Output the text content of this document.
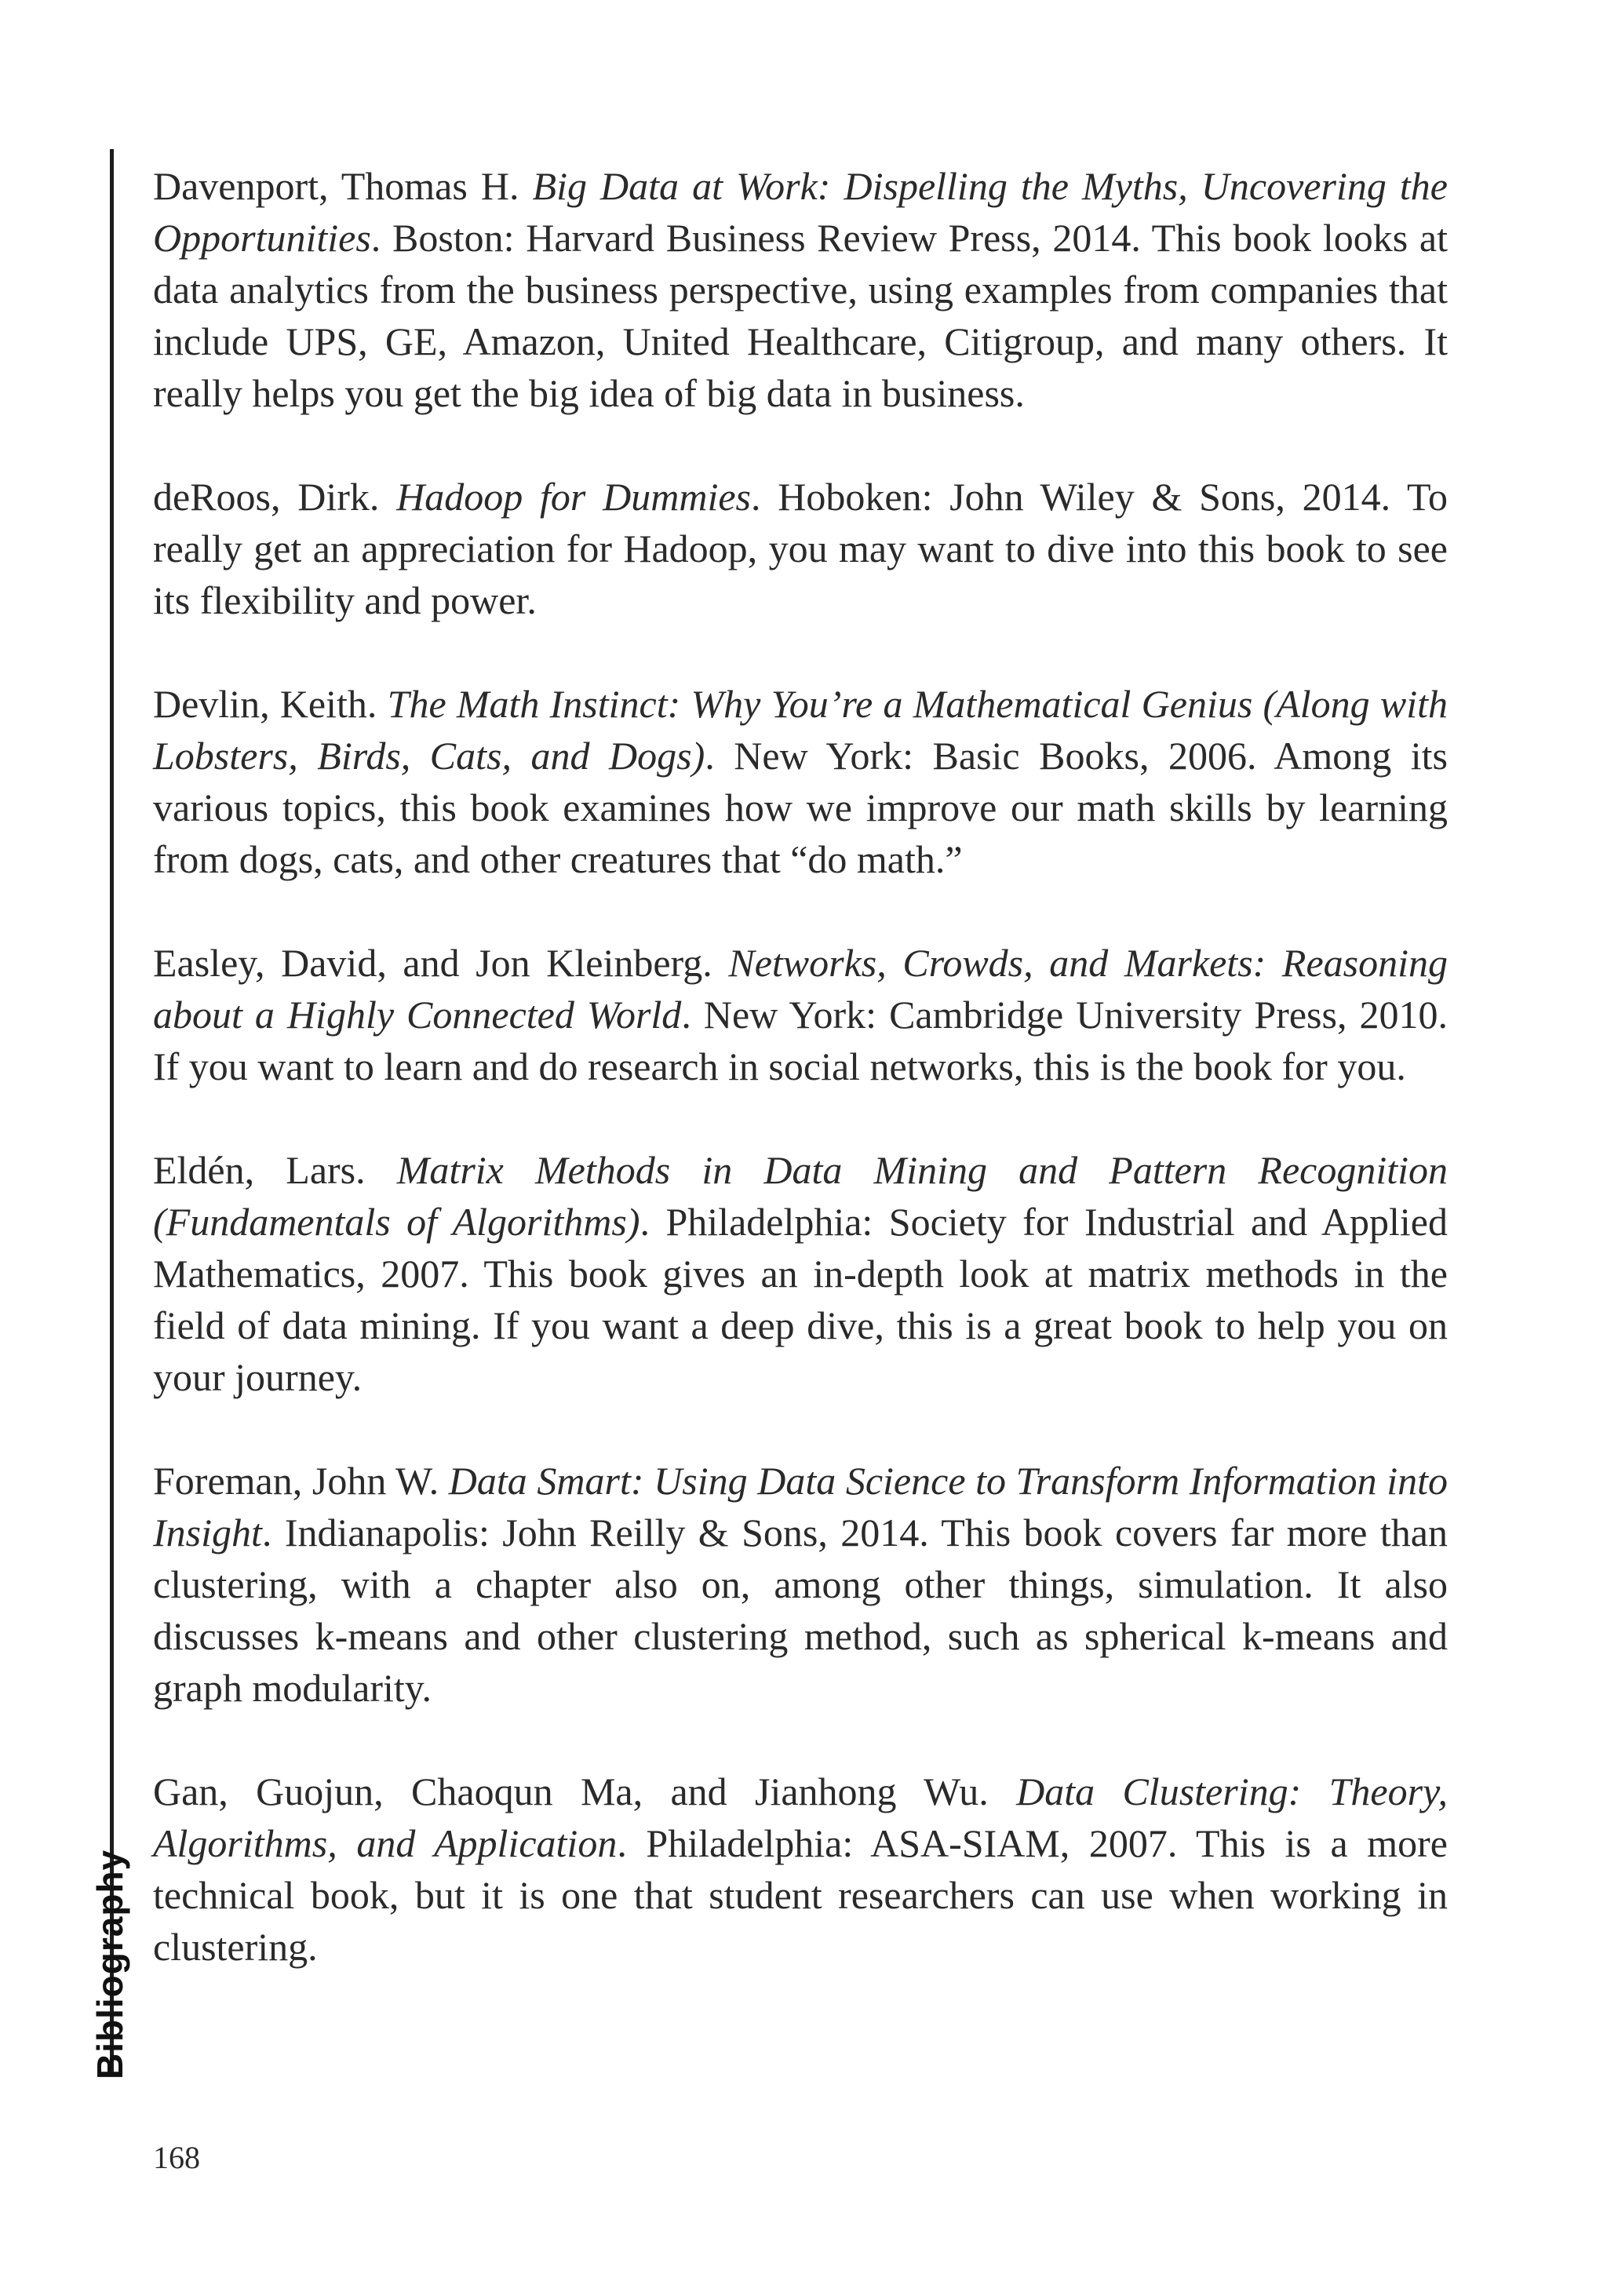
Bibliography

Davenport, Thomas H. Big Data at Work: Dispelling the Myths, Uncovering the Opportunities. Boston: Harvard Business Review Press, 2014. This book looks at data analytics from the business perspective, using examples from companies that include UPS, GE, Amazon, United Healthcare, Citigroup, and many others. It really helps you get the big idea of big data in business.

deRoos, Dirk. Hadoop for Dummies. Hoboken: John Wiley & Sons, 2014. To really get an appreciation for Hadoop, you may want to dive into this book to see its flexibility and power.

Devlin, Keith. The Math Instinct: Why You’re a Mathematical Genius (Along with Lobsters, Birds, Cats, and Dogs). New York: Basic Books, 2006. Among its various topics, this book examines how we improve our math skills by learning from dogs, cats, and other creatures that “do math.”

Easley, David, and Jon Kleinberg. Networks, Crowds, and Markets: Reasoning about a Highly Connected World. New York: Cambridge University Press, 2010. If you want to learn and do research in social networks, this is the book for you.

Eldén, Lars. Matrix Methods in Data Mining and Pattern Recognition (Fundamentals of Algorithms). Philadelphia: Society for Industrial and Applied Mathematics, 2007. This book gives an in-depth look at matrix methods in the field of data mining. If you want a deep dive, this is a great book to help you on your journey.

Foreman, John W. Data Smart: Using Data Science to Transform Information into Insight. Indianapolis: John Reilly & Sons, 2014. This book covers far more than clustering, with a chapter also on, among other things, simulation. It also discusses k-means and other clustering method, such as spherical k-means and graph modularity.

Gan, Guojun, Chaoqun Ma, and Jianhong Wu. Data Clustering: Theory, Algorithms, and Application. Philadelphia: ASA-SIAM, 2007. This is a more technical book, but it is one that student researchers can use when working in clustering.

168
